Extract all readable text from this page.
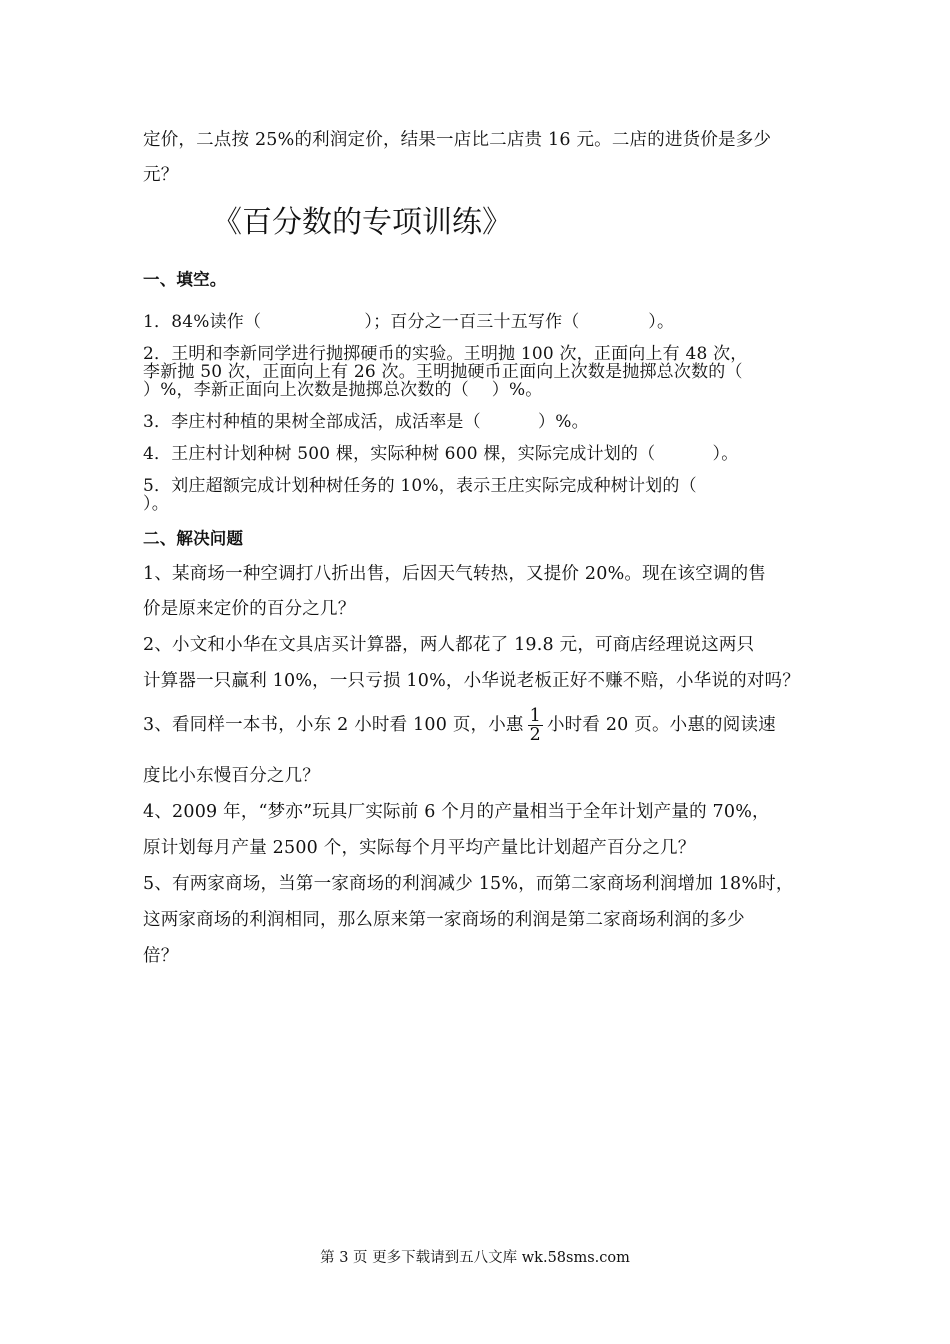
定价，二点按 25%的利润定价，结果一店比二店贵 16 元。二店的进货价是多少
元？
《百分数的专项训练》
一、填空。
1．84%读作（　　　　　　）；百分之一百三十五写作（　　　　）。
2．王明和李新同学进行抛掷硬币的实验。王明抛 100 次，正面向上有 48 次，
李新抛 50 次，正面向上有 26 次。王明抛硬币正面向上次数是抛掷总次数的（
）%，李新正面向上次数是抛掷总次数的（　 ）%。
3．李庄村种植的果树全部成活，成活率是（　　　 ）%。
4．王庄村计划种树 500 棵，实际种树 600 棵，实际完成计划的（　　　 ）。
5．刘庄超额完成计划种树任务的 10%，表示王庄实际完成种树计划的（
）。
二、解决问题
1、某商场一种空调打八折出售，后因天气转热，又提价 20%。现在该空调的售
价是原来定价的百分之几？
2、小文和小华在文具店买计算器，两人都花了 19.8 元，可商店经理说这两只
计算器一只赢利 10%，一只亏损 10%，小华说老板正好不赚不赔，小华说的对吗？
3、看同样一本书，小东 2 小时看 100 页，小惠 $\frac{1}{2}$ 小时看 20 页。小惠的阅读速
度比小东慢百分之几？
4、2009 年，“梦亦”玩具厂实际前 6 个月的产量相当于全年计划产量的 70%，
原计划每月产量 2500 个，实际每个月平均产量比计划超产百分之几？
5、有两家商场，当第一家商场的利润减少 15%，而第二家商场利润增加 18%时，
这两家商场的利润相同，那么原来第一家商场的利润是第二家商场利润的多少
倍？
第 3 页 更多下载请到五八文库 wk.58sms.com
